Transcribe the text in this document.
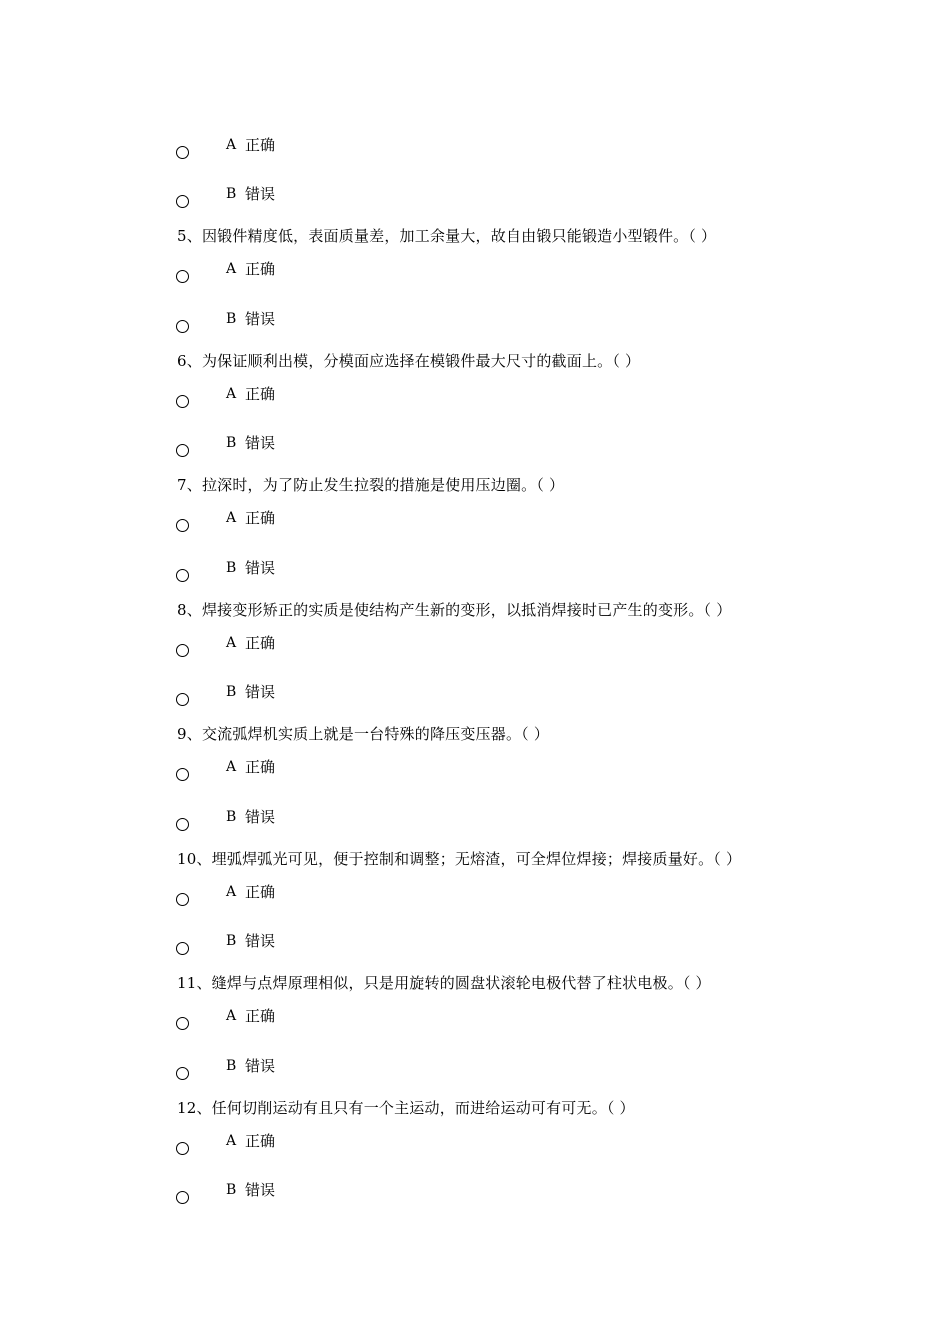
A 正确
B 错误
5、因锻件精度低，表面质量差，加工余量大，故自由锻只能锻造小型锻件。（ ）
A 正确
B 错误
6、为保证顺利出模，分模面应选择在模锻件最大尺寸的截面上。（ ）
A 正确
B 错误
7、拉深时，为了防止发生拉裂的措施是使用压边圈。（ ）
A 正确
B 错误
8、焊接变形矫正的实质是使结构产生新的变形，以抵消焊接时已产生的变形。（ ）
A 正确
B 错误
9、交流弧焊机实质上就是一台特殊的降压变压器。（ ）
A 正确
B 错误
10、埋弧焊弧光可见，便于控制和调整；无熔渣，可全焊位焊接；焊接质量好。（ ）
A 正确
B 错误
11、缝焊与点焊原理相似，只是用旋转的圆盘状滚轮电极代替了柱状电极。（ ）
A 正确
B 错误
12、任何切削运动有且只有一个主运动，而进给运动可有可无。（ ）
A 正确
B 错误
